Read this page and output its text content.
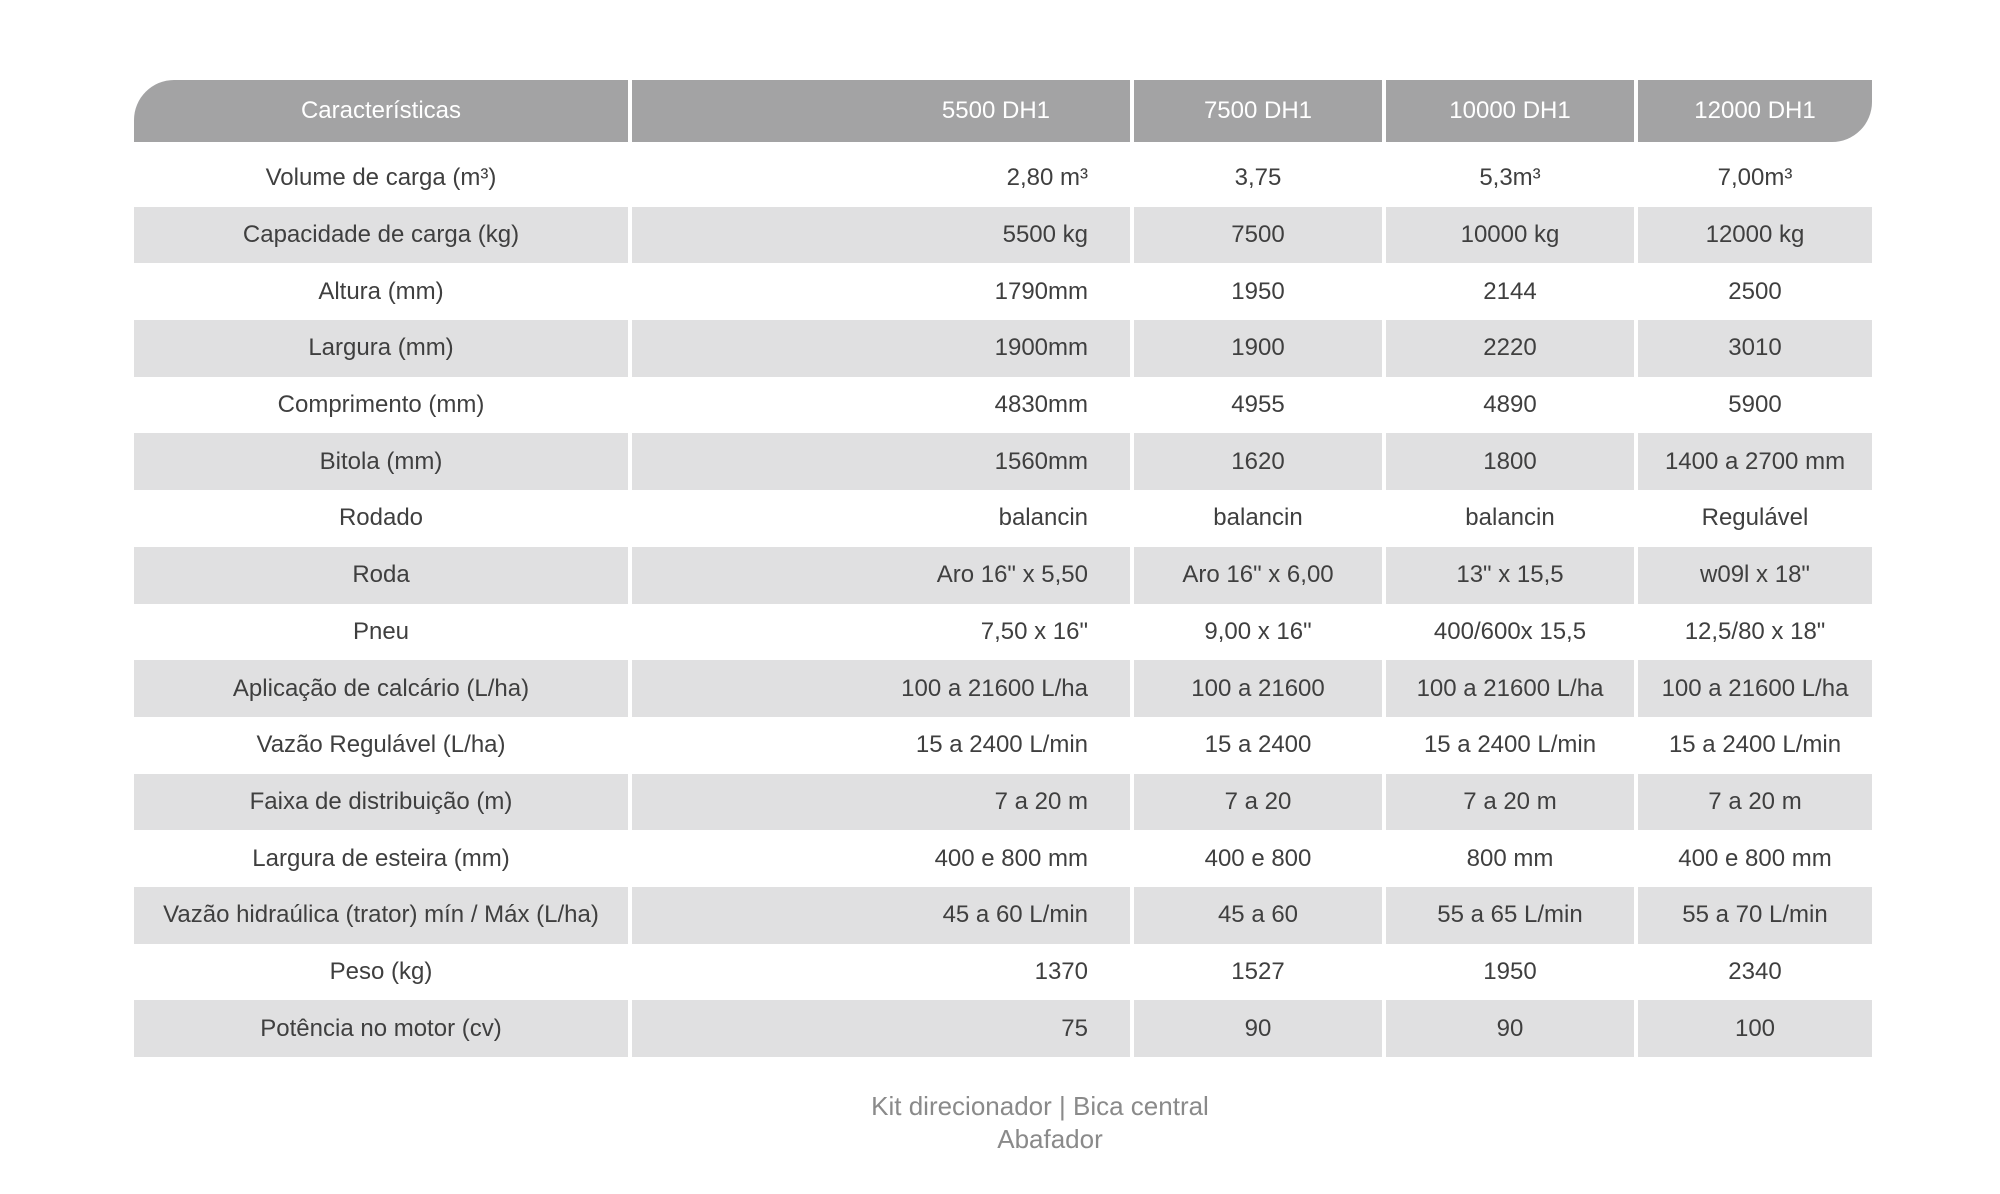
Características	5500 DH1	7500 DH1	10000 DH1	12000 DH1
Volume de carga (m³)	2,80 m³	3,75	5,3m³	7,00m³
Capacidade de carga (kg)	5500 kg	7500	10000 kg	12000 kg
Altura (mm)	1790mm	1950	2144	2500
Largura (mm)	1900mm	1900	2220	3010
Comprimento (mm)	4830mm	4955	4890	5900
Bitola (mm)	1560mm	1620	1800	1400 a 2700 mm
Rodado	balancin	balancin	balancin	Regulável
Roda	Aro 16" x 5,50	Aro 16" x 6,00	13" x 15,5	w09l x 18"
Pneu	7,50 x 16"	9,00 x 16"	400/600x 15,5	12,5/80 x 18"
Aplicação de calcário (L/ha)	100 a 21600 L/ha	100 a 21600	100 a 21600 L/ha	100 a 21600 L/ha
Vazão Regulável (L/ha)	15 a 2400 L/min	15 a 2400	15 a 2400 L/min	15 a 2400 L/min
Faixa de distribuição (m)	7 a 20 m	7 a 20	7 a 20 m	7 a 20 m
Largura de esteira (mm)	400 e 800 mm	400 e 800	800 mm	400 e 800 mm
Vazão hidraúlica (trator) mín / Máx (L/ha)	45 a 60 L/min	45 a 60	55 a 65 L/min	55 a 70 L/min
Peso (kg)	1370	1527	1950	2340
Potência no motor (cv)	75	90	90	100
Kit direcionador | Bica central
Abafador
